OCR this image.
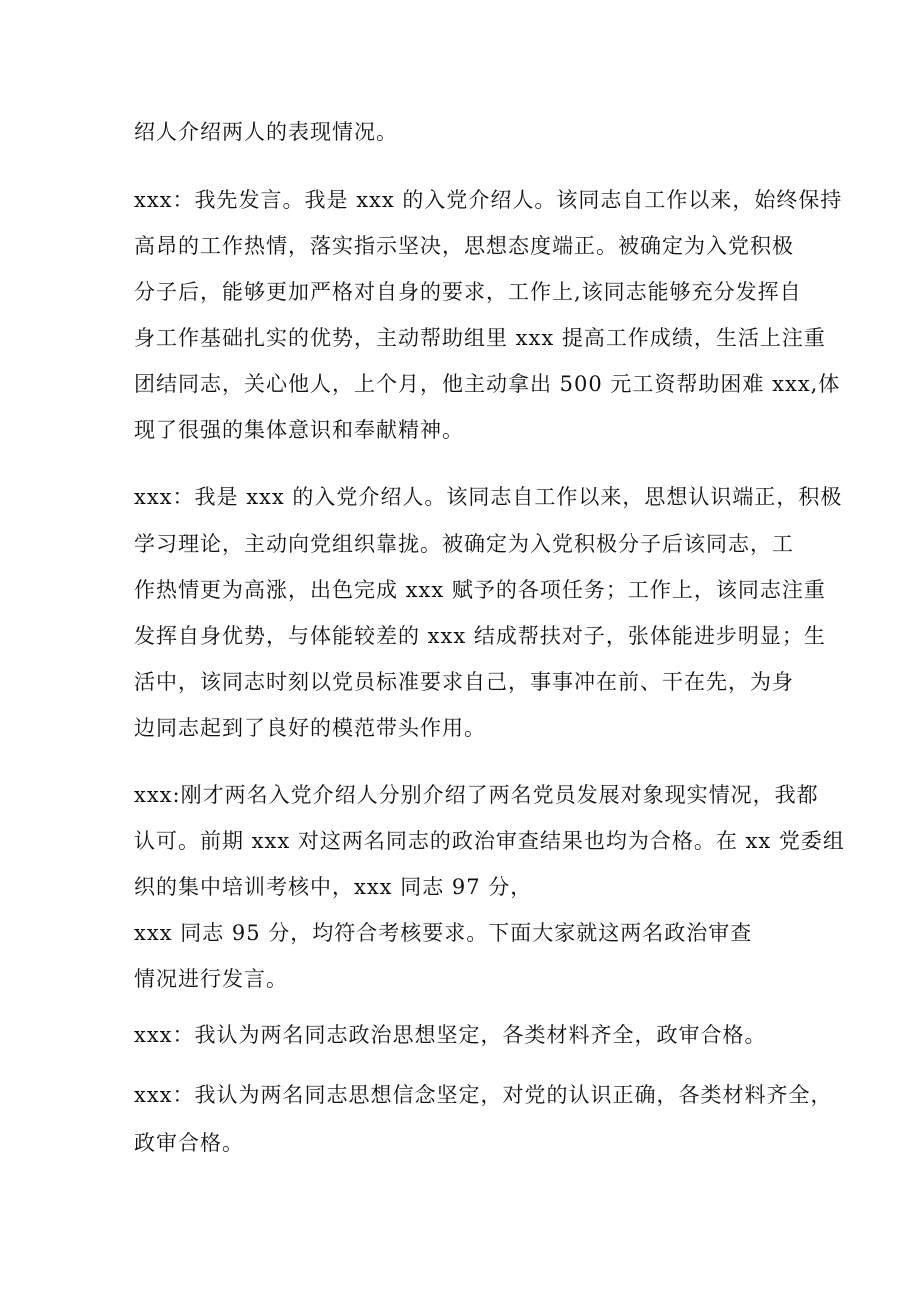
绍人介绍两人的表现情况。
xxx：我先发言。我是 xxx 的入党介绍人。该同志自工作以来，始终保持
高昂的工作热情，落实指示坚决，思想态度端正。被确定为入党积极
分子后，能够更加严格对自身的要求，工作上,该同志能够充分发挥自
身工作基础扎实的优势，主动帮助组里 xxx 提高工作成绩，生活上注重
团结同志，关心他人，上个月，他主动拿出 500 元工资帮助困难 xxx,体
现了很强的集体意识和奉献精神。
xxx：我是 xxx 的入党介绍人。该同志自工作以来，思想认识端正，积极
学习理论，主动向党组织靠拢。被确定为入党积极分子后该同志，工
作热情更为高涨，出色完成 xxx 赋予的各项任务；工作上，该同志注重
发挥自身优势，与体能较差的 xxx 结成帮扶对子，张体能进步明显；生
活中，该同志时刻以党员标准要求自己，事事冲在前、干在先，为身
边同志起到了良好的模范带头作用。
xxx:刚才两名入党介绍人分别介绍了两名党员发展对象现实情况，我都
认可。前期 xxx 对这两名同志的政治审查结果也均为合格。在 xx 党委组
织的集中培训考核中，xxx 同志 97 分，
xxx 同志 95 分，均符合考核要求。下面大家就这两名政治审查
情况进行发言。
xxx：我认为两名同志政治思想坚定，各类材料齐全，政审合格。
xxx：我认为两名同志思想信念坚定，对党的认识正确，各类材料齐全，
政审合格。
